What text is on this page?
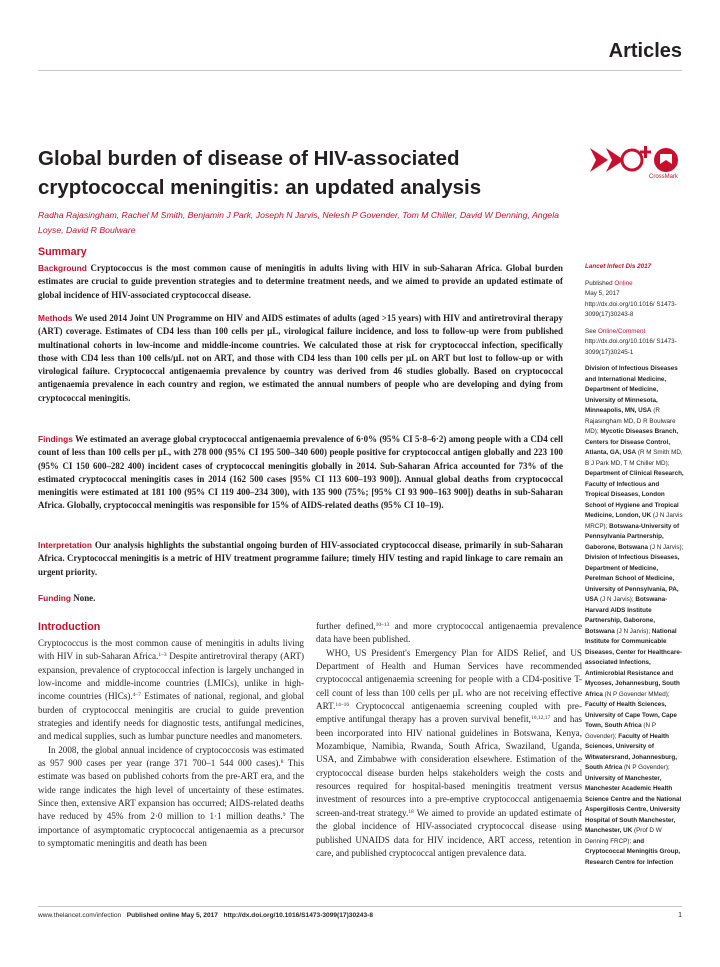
Articles
Global burden of disease of HIV-associated cryptococcal meningitis: an updated analysis	CrossMark
Radha Rajasingham, Rachel M Smith, Benjamin J Park, Joseph N Jarvis, Nelesh P Govender, Tom M Chiller, David W Denning, Angela Loyse, David R Boulware
Summary
Background Cryptococcus is the most common cause of meningitis in adults living with HIV in sub-Saharan Africa. Global burden estimates are crucial to guide prevention strategies and to determine treatment needs, and we aimed to provide an updated estimate of global incidence of HIV-associated cryptococcal disease.
Methods We used 2014 Joint UN Programme on HIV and AIDS estimates of adults (aged >15 years) with HIV and antiretroviral therapy (ART) coverage. Estimates of CD4 less than 100 cells per µL, virological failure incidence, and loss to follow-up were from published multinational cohorts in low-income and middle-income countries. We calculated those at risk for cryptococcal infection, specifically those with CD4 less than 100 cells/µL not on ART, and those with CD4 less than 100 cells per µL on ART but lost to follow-up or with virological failure. Cryptococcal antigenaemia prevalence by country was derived from 46 studies globally. Based on cryptococcal antigenaemia prevalence in each country and region, we estimated the annual numbers of people who are developing and dying from cryptococcal meningitis.
Findings We estimated an average global cryptococcal antigenaemia prevalence of 6·0% (95% CI 5·8–6·2) among people with a CD4 cell count of less than 100 cells per µL, with 278 000 (95% CI 195 500–340 600) people positive for cryptococcal antigen globally and 223 100 (95% CI 150 600–282 400) incident cases of cryptococcal meningitis globally in 2014. Sub-Saharan Africa accounted for 73% of the estimated cryptococcal meningitis cases in 2014 (162 500 cases [95% CI 113 600–193 900]). Annual global deaths from cryptococcal meningitis were estimated at 181 100 (95% CI 119 400–234 300), with 135 900 (75%; [95% CI 93 900–163 900]) deaths in sub-Saharan Africa. Globally, cryptococcal meningitis was responsible for 15% of AIDS-related deaths (95% CI 10–19).
Interpretation Our analysis highlights the substantial ongoing burden of HIV-associated cryptococcal disease, primarily in sub-Saharan Africa. Cryptococcal meningitis is a metric of HIV treatment programme failure; timely HIV testing and rapid linkage to care remain an urgent priority.
Funding None.
Lancet Infect Dis 2017
Published Online
May 5, 2017
http://dx.doi.org/10.1016/ S1473-3099(17)30243-8
See Online/Comment
http://dx.doi.org/10.1016/ S1473-3099(17)30245-1
Division of Infectious Diseases and International Medicine, Department of Medicine, University of Minnesota, Minneapolis, MN, USA (R Rajasingham MD, D R Boulware MD); Mycotic Diseases Branch, Centers for Disease Control, Atlanta, GA, USA (R M Smith MD, B J Park MD, T M Chiller MD); Department of Clinical Research, Faculty of Infectious and Tropical Diseases, London School of Hygiene and Tropical Medicine, London, UK (J N Jarvis MRCP); Botswana-University of Pennsylvania Partnership, Gaborone, Botswana (J N Jarvis); Division of Infectious Diseases, Department of Medicine, Perelman School of Medicine, University of Pennsylvania, PA, USA (J N Jarvis); Botswana-Harvard AIDS Institute Partnership, Gaborone, Botswana (J N Jarvis); National Institute for Communicable Diseases, Center for Healthcare-associated Infections, Antimicrobial Resistance and Mycoses, Johannesburg, South Africa (N P Govender MMed); Faculty of Health Sciences, University of Cape Town, Cape Town, South Africa (N P Govender); Faculty of Health Sciences, University of Witwatersrand, Johannesburg, South Africa (N P Govender); University of Manchester, Manchester Academic Health Science Centre and the National Aspergillosis Centre, University Hospital of South Manchester, Manchester, UK (Prof D W Denning FRCP); and Cryptococcal Meningitis Group, Research Centre for Infection
Introduction

Cryptococcus is the most common cause of meningitis in adults living with HIV in sub-Saharan Africa.$^{1-3}$ Despite antiretroviral therapy (ART) expansion, prevalence of cryptococcal infection is largely unchanged in low-income and middle-income countries (LMICs), unlike in high-income countries (HICs).$^{4-7}$ Estimates of national, regional, and global burden of cryptococcal meningitis are crucial to guide prevention strategies and identify needs for diagnostic tests, antifungal medicines, and medical supplies, such as lumbar puncture needles and manometers.

In 2008, the global annual incidence of cryptococcosis was estimated as 957 900 cases per year (range 371 700–1 544 000 cases).$^8$ This estimate was based on published cohorts from the pre-ART era, and the wide range indicates the high level of uncertainty of these estimates. Since then, extensive ART expansion has occurred; AIDS-related deaths have reduced by 45% from 2·0 million to 1·1 million deaths.$^9$ The importance of asymptomatic cryptococcal antigenaemia as a precursor to symptomatic meningitis and death has been

further defined,$^{10-13}$ and more cryptococcal antigenaemia prevalence data have been published.

WHO, US President's Emergency Plan for AIDS Relief, and US Department of Health and Human Services have recommended cryptococcal antigenaemia screening for people with a CD4-positive T-cell count of less than 100 cells per µL who are not receiving effective ART.$^{14-16}$ Cryptococcal antigenaemia screening coupled with pre-emptive antifungal therapy has a proven survival benefit,$^{10,12,17}$ and has been incorporated into HIV national guidelines in Botswana, Kenya, Mozambique, Namibia, Rwanda, South Africa, Swaziland, Uganda, USA, and Zimbabwe with consideration elsewhere. Estimation of the cryptococcal disease burden helps stakeholders weigh the costs and resources required for hospital-based meningitis treatment versus investment of resources into a pre-emptive cryptococcal antigenaemia screen-and-treat strategy.$^{18}$ We aimed to provide an updated estimate of the global incidence of HIV-associated cryptococcal disease using published UNAIDS data for HIV incidence, ART access, retention in care, and published cryptococcal antigen prevalence data.

www.thelancet.com/infection Published online May 5, 2017 http://dx.doi.org/10.1016/S1473-3099(17)30243-8	1
